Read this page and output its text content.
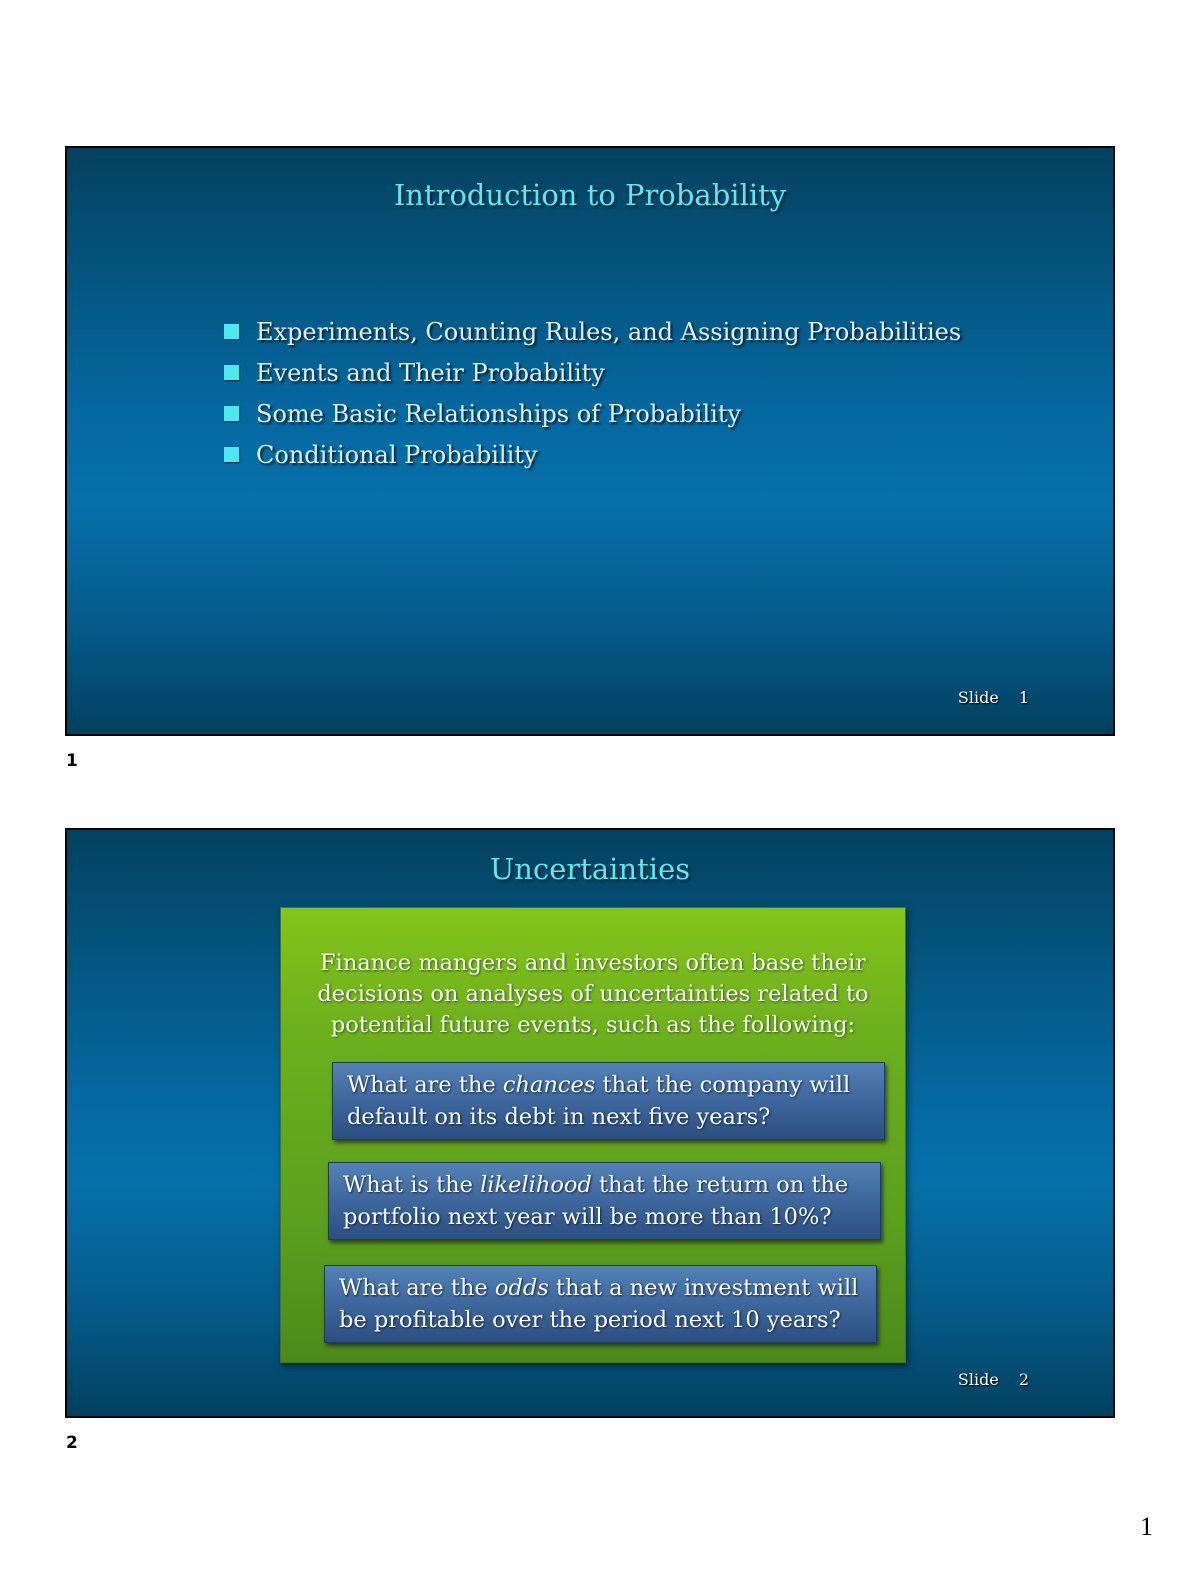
Introduction to Probability
Experiments, Counting Rules, and Assigning Probabilities
Events and Their Probability
Some Basic Relationships of Probability
Conditional Probability
Slide 1
1
Uncertainties
Finance mangers and investors often base their decisions on analyses of uncertainties related to potential future events, such as the following:
What are the chances that the company will default on its debt in next five years?
What is the likelihood that the return on the portfolio next year will be more than 10%?
What are the odds that a new investment will be profitable over the period next 10 years?
Slide 2
2
1
